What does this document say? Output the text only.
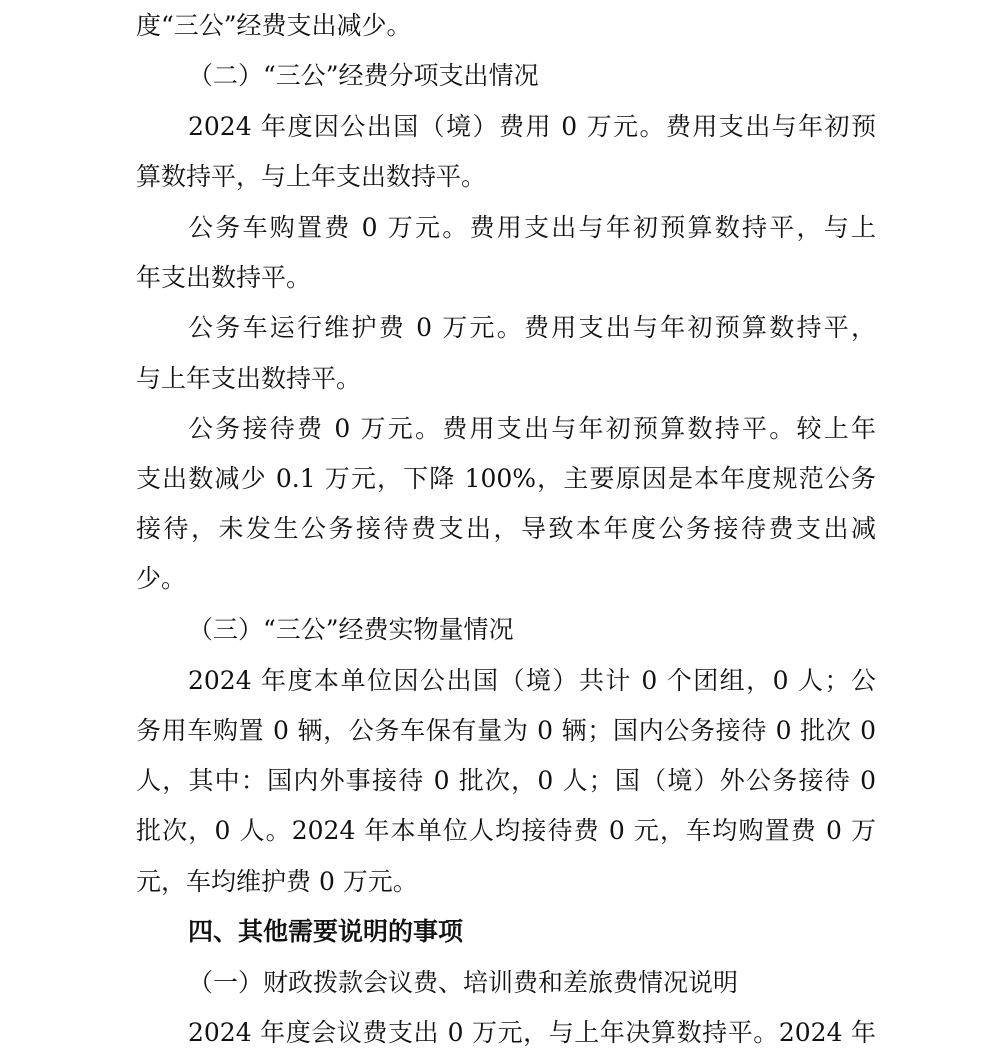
度“三公”经费支出减少。
（二）“三公”经费分项支出情况
2024 年度因公出国（境）费用 0 万元。费用支出与年初预
算数持平，与上年支出数持平。
公务车购置费 0 万元。费用支出与年初预算数持平，与上
年支出数持平。
公务车运行维护费 0 万元。费用支出与年初预算数持平，
与上年支出数持平。
公务接待费 0 万元。费用支出与年初预算数持平。较上年
支出数减少 0.1 万元，下降 100%，主要原因是本年度规范公务
接待，未发生公务接待费支出，导致本年度公务接待费支出减
少。
（三）“三公”经费实物量情况
2024 年度本单位因公出国（境）共计 0 个团组，0 人；公
务用车购置 0 辆，公务车保有量为 0 辆；国内公务接待 0 批次 0
人，其中：国内外事接待 0 批次，0 人；国（境）外公务接待 0
批次，0 人。2024 年本单位人均接待费 0 元，车均购置费 0 万
元，车均维护费 0 万元。
四、其他需要说明的事项
（一）财政拨款会议费、培训费和差旅费情况说明
2024 年度会议费支出 0 万元，与上年决算数持平。2024 年
